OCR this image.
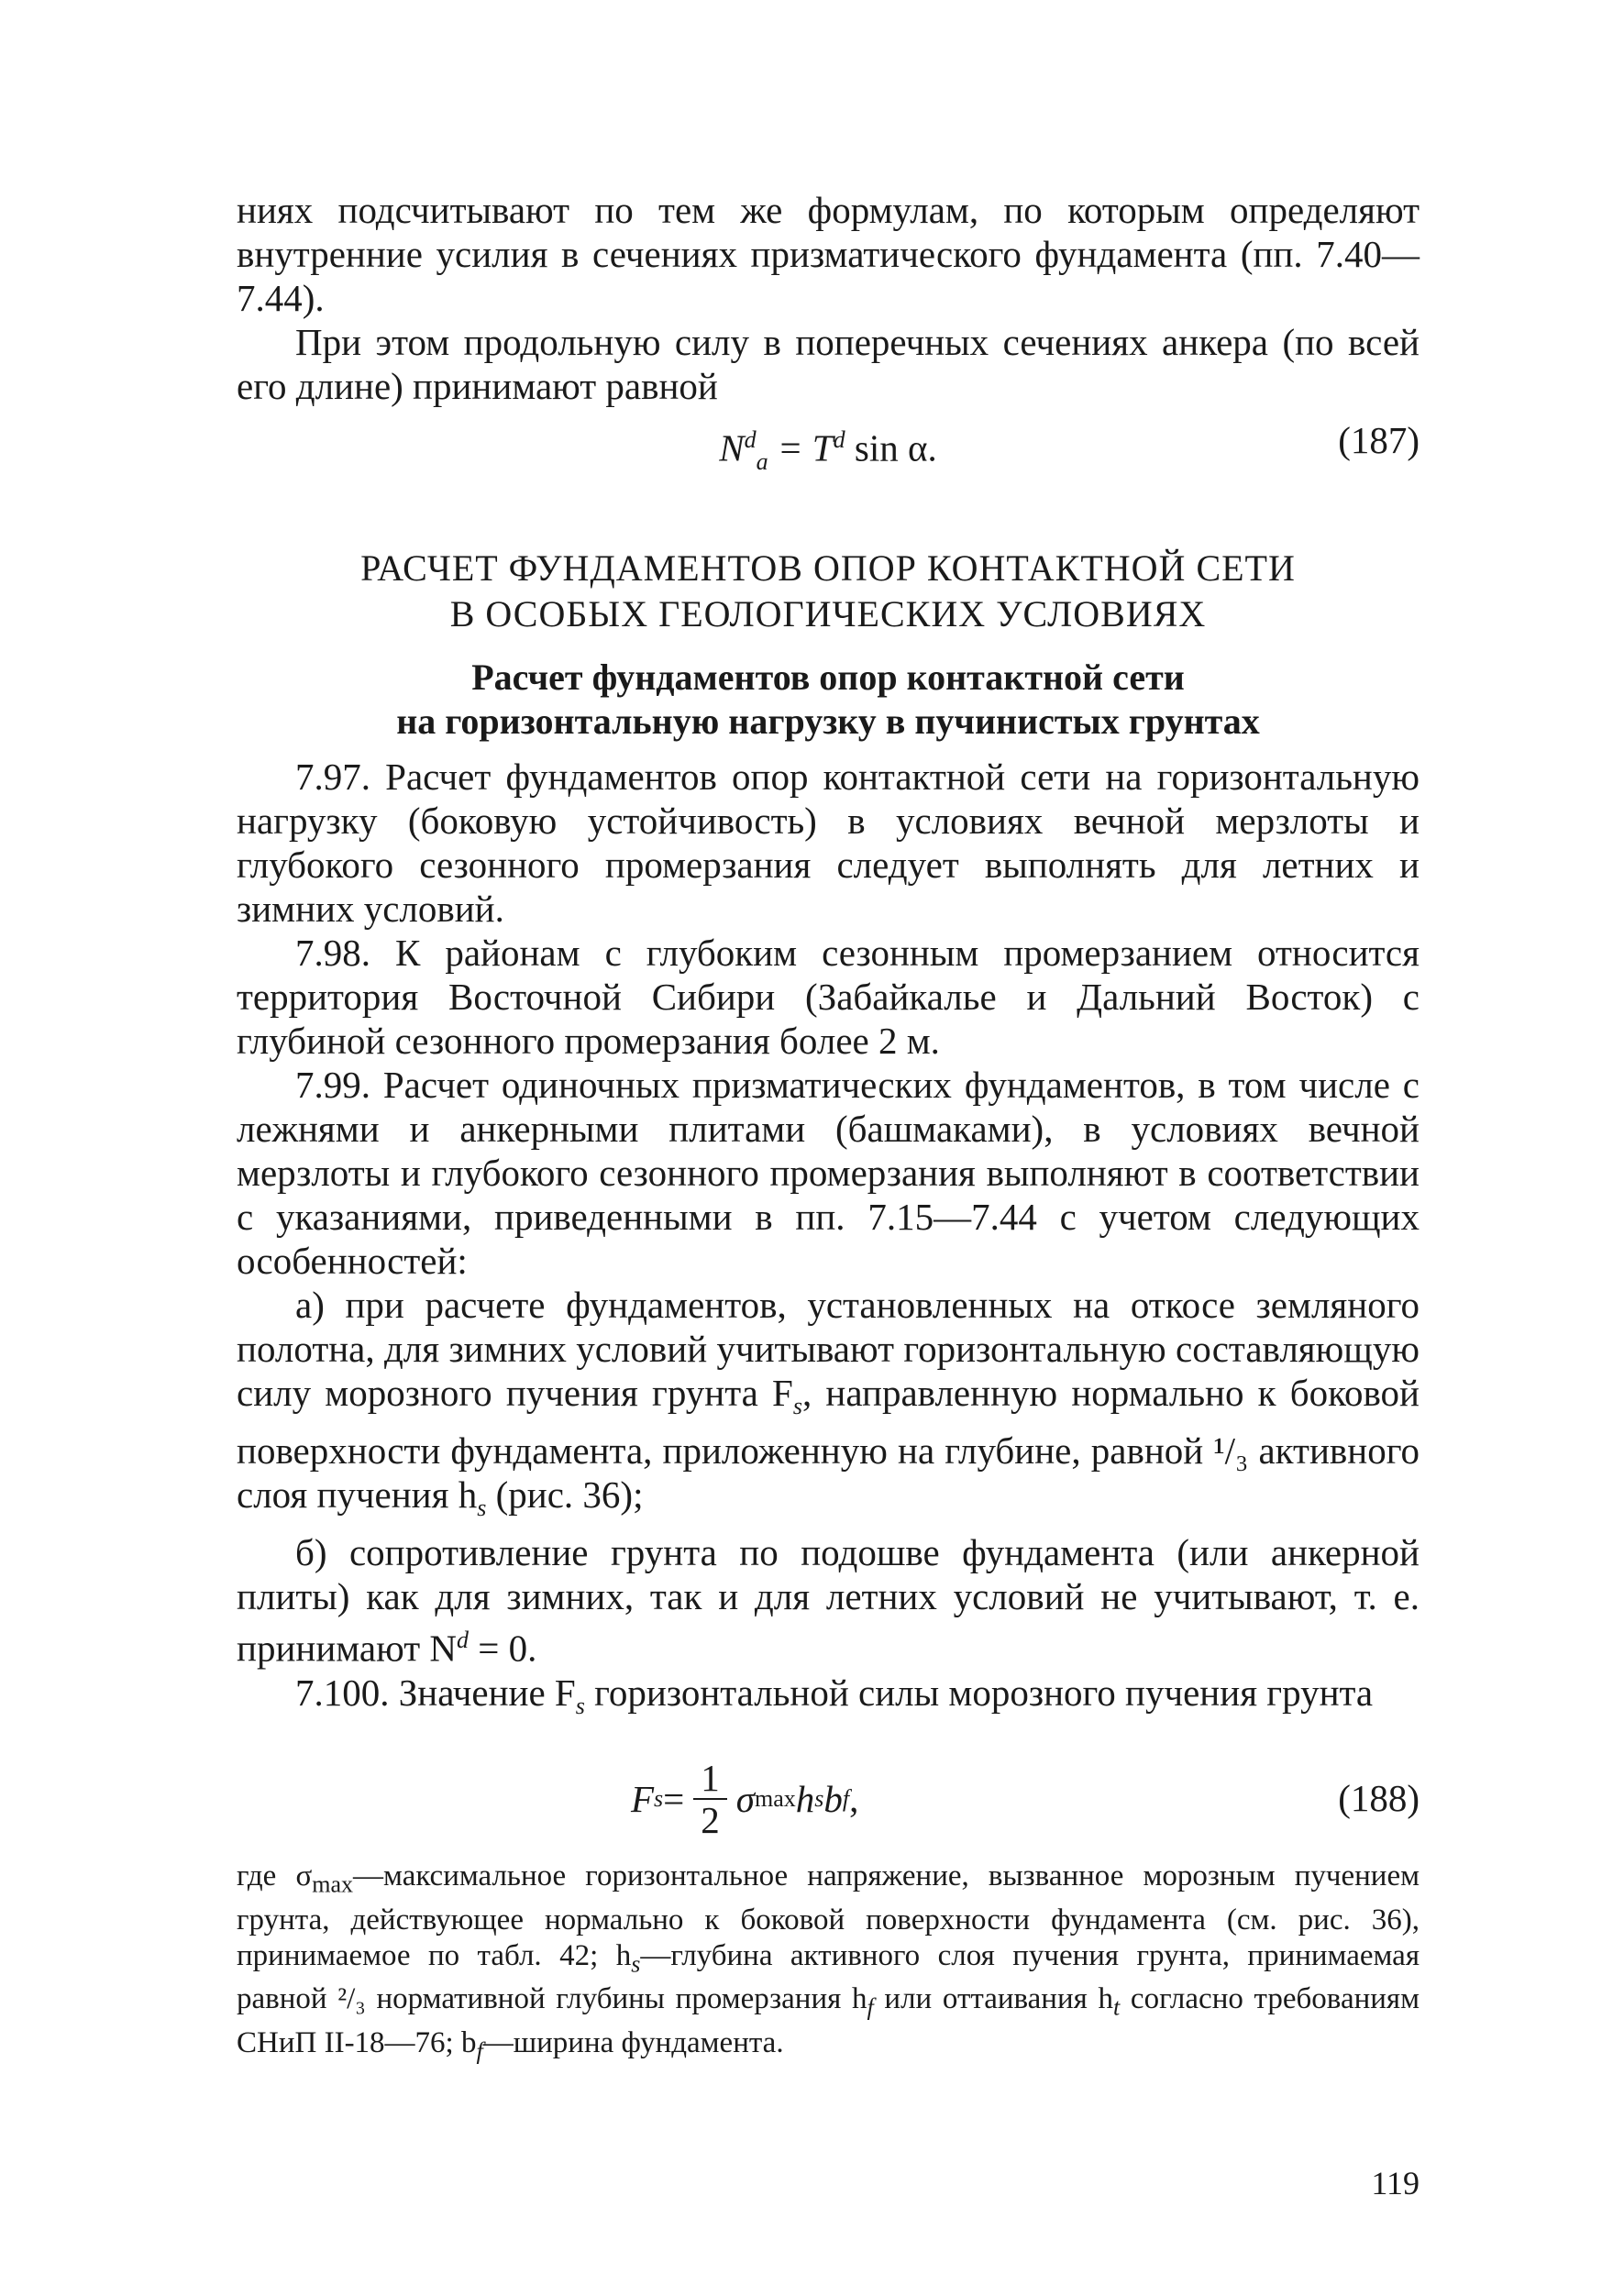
ниях подсчитывают по тем же формулам, по которым определяют внутренние усилия в сечениях призматического фундамента (пп. 7.40—7.44).

При этом продольную силу в поперечных сечениях анкера (по всей его длине) принимают равной

$N^d_a = T^d$ sin α.	(187)
РАСЧЕТ ФУНДАМЕНТОВ ОПОР КОНТАКТНОЙ СЕТИ
В ОСОБЫХ ГЕОЛОГИЧЕСКИХ УСЛОВИЯХ
Расчет фундаментов опор контактной сети
на горизонтальную нагрузку в пучинистых грунтах

7.97. Расчет фундаментов опор контактной сети на горизонтальную нагрузку (боковую устойчивость) в условиях вечной мерзлоты и глубокого сезонного промерзания следует выполнять для летних и зимних условий.

7.98. К районам с глубоким сезонным промерзанием относится территория Восточной Сибири (Забайкалье и Дальний Восток) с глубиной сезонного промерзания более 2 м.

7.99. Расчет одиночных призматических фундаментов, в том числе с лежнями и анкерными плитами (башмаками), в условиях вечной мерзлоты и глубокого сезонного промерзания выполняют в соответствии с указаниями, приведенными в пп. 7.15—7.44 с учетом следующих особенностей:

а) при расчете фундаментов, установленных на откосе земляного полотна, для зимних условий учитывают горизонтальную составляющую силу морозного пучения грунта $F_s$, направленную нормально к боковой поверхности фундамента, приложенную на глубине, равной ¹/₃ активного слоя пучения $h_s$ (рис. 36);

б) сопротивление грунта по подошве фундамента (или анкерной плиты) как для зимних, так и для летних условий не учитывают, т. е. принимают $N^d = 0$.

7.100. Значение $F_s$ горизонтальной силы морозного пучения грунта

F $s = \frac{1}{2}$ σ max h s b f ,	(188)

где $\sigma_{max}—максимальное$ горизонтальное напряжение, вызванное морозным пучением грунта, действующее нормально к боковой поверхности фундамента (см. рис. 36), принимаемое по табл. 42; $h_s—глубина$ активного слоя пучения грунта, принимаемая равной ²/₃ нормативной глубины промерзания $h_f$ или оттаивания $h_t$ согласно требованиям СНиП II-18—76; $b_f—ширина$ фундамента.

119
